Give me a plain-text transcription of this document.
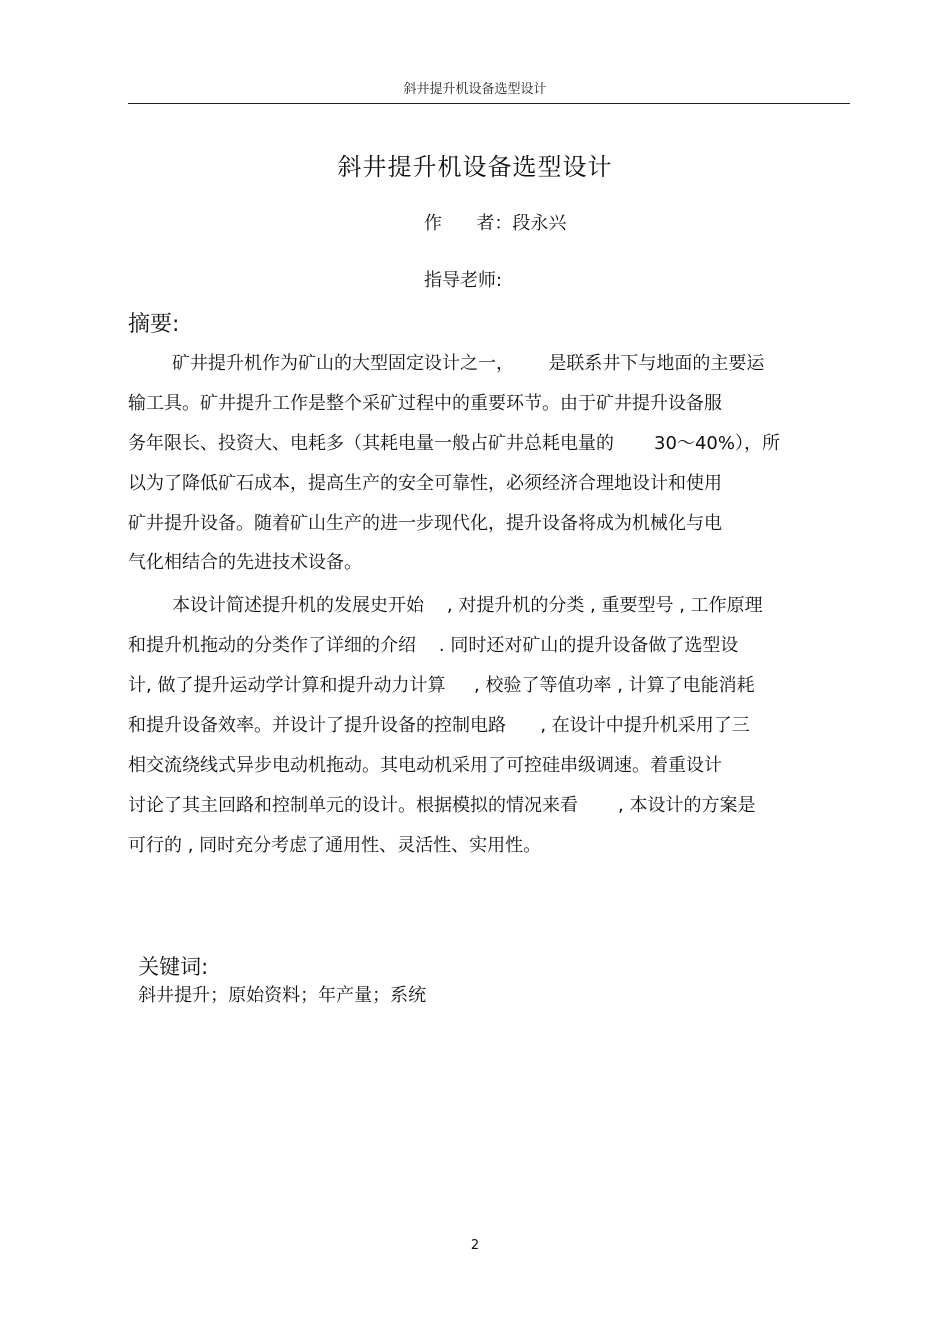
斜井提升机设备选型设计
斜井提升机设备选型设计
作      者：段永兴
指导老师:
摘要:
矿井提升机作为矿山的大型固定设计之一，      是联系井下与地面的主要运
输工具。矿井提升工作是整个采矿过程中的重要环节。由于矿井提升设备服
务年限长、投资大、电耗多（其耗电量一般占矿井总耗电量的       30～40%），所
以为了降低矿石成本，提高生产的安全可靠性，必须经济合理地设计和使用
矿井提升设备。随着矿山生产的进一步现代化，提升设备将成为机械化与电
气化相结合的先进技术设备。
本设计简述提升机的发展史开始    , 对提升机的分类 , 重要型号 , 工作原理
和提升机拖动的分类作了详细的介绍    . 同时还对矿山的提升设备做了选型设
计, 做了提升运动学计算和提升动力计算     , 校验了等值功率 , 计算了电能消耗
和提升设备效率。并设计了提升设备的控制电路      , 在设计中提升机采用了三
相交流绕线式异步电动机拖动。其电动机采用了可控硅串级调速。着重设计
讨论了其主回路和控制单元的设计。根据模拟的情况来看       , 本设计的方案是
可行的 , 同时充分考虑了通用性、灵活性、实用性。

关键词:
斜井提升；原始资料；年产量；系统

2
